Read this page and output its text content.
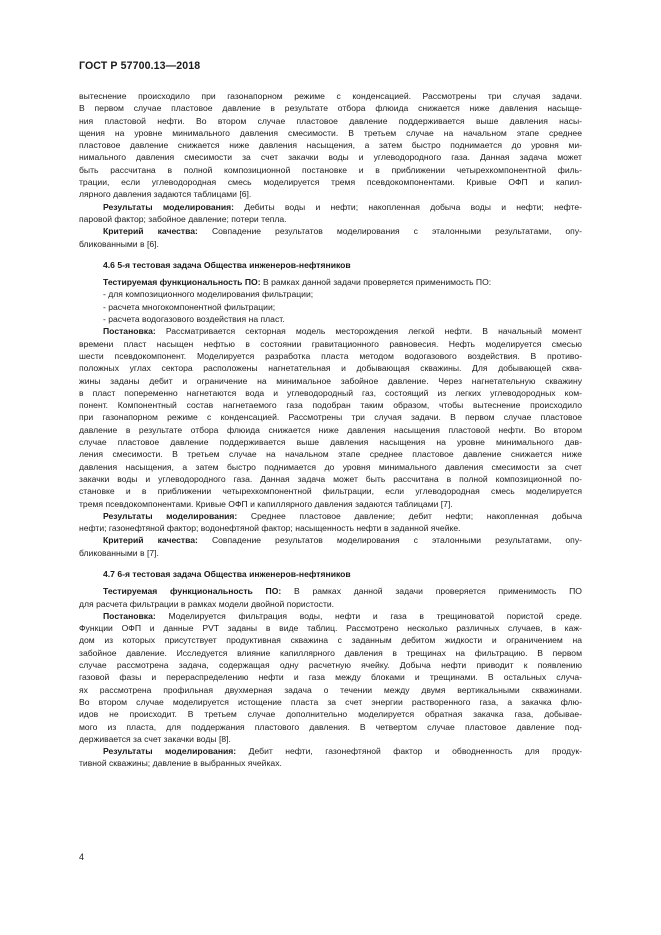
ГОСТ Р 57700.13—2018

вытеснение происходило при газонапорном режиме с конденсацией. Рассмотрены три случая задачи.

В первом случае пластовое давление в результате отбора флюида снижается ниже давления насыще-

ния пластовой нефти. Во втором случае пластовое давление поддерживается выше давления насы-

щения на уровне минимального давления смесимости. В третьем случае на начальном этапе среднее

пластовое давление снижается ниже давления насыщения, а затем быстро поднимается до уровня ми-

нимального давления смесимости за счет закачки воды и углеводородного газа. Данная задача может

быть рассчитана в полной композиционной постановке и в приближении четырехкомпонентной филь-

трации, если углеводородная смесь моделируется тремя псевдокомпонентами. Кривые ОФП и капил-

лярного давления задаются таблицами [6].

Результаты моделирования: Дебиты воды и нефти; накопленная добыча воды и нефти; нефте-

паровой фактор; забойное давление; потери тепла.

Критерий качества: Совпадение результатов моделирования с эталонными результатами, опу-

бликованными в [6].

4.6 5-я тестовая задача Общества инженеров-нефтяников

Тестируемая функциональность ПО: В рамках данной задачи проверяется применимость ПО:

- для композиционного моделирования фильтрации;

- расчета многокомпонентной фильтрации;

- расчета водогазового воздействия на пласт.

Постановка: Рассматривается секторная модель месторождения легкой нефти. В начальный момент

времени пласт насыщен нефтью в состоянии гравитационного равновесия. Нефть моделируется смесью

шести псевдокомпонент. Моделируется разработка пласта методом водогазового воздействия. В противо-

положных углах сектора расположены нагнетательная и добывающая скважины. Для добывающей сква-

жины заданы дебит и ограничение на минимальное забойное давление. Через нагнетательную скважину

в пласт попеременно нагнетаются вода и углеводородный газ, состоящий из легких углеводородных ком-

понент. Компонентный состав нагнетаемого газа подобран таким образом, чтобы вытеснение происходило

при газонапорном режиме с конденсацией. Рассмотрены три случая задачи. В первом случае пластовое

давление в результате отбора флюида снижается ниже давления насыщения пластовой нефти. Во втором

случае пластовое давление поддерживается выше давления насыщения на уровне минимального дав-

ления смесимости. В третьем случае на начальном этапе среднее пластовое давление снижается ниже

давления насыщения, а затем быстро поднимается до уровня минимального давления смесимости за счет

закачки воды и углеводородного газа. Данная задача может быть рассчитана в полной композиционной по-

становке и в приближении четырехкомпонентной фильтрации, если углеводородная смесь моделируется

тремя псевдокомпонентами. Кривые ОФП и капиллярного давления задаются таблицами [7].

Результаты моделирования: Среднее пластовое давление; дебит нефти; накопленная добыча

нефти; газонефтяной фактор; водонефтяной фактор; насыщенность нефти в заданной ячейке.

Критерий качества: Совпадение результатов моделирования с эталонными результатами, опу-

бликованными в [7].

4.7 6-я тестовая задача Общества инженеров-нефтяников

Тестируемая функциональность ПО: В рамках данной задачи проверяется применимость ПО

для расчета фильтрации в рамках модели двойной пористости.

Постановка: Моделируется фильтрация воды, нефти и газа в трещиноватой пористой среде.

Функции ОФП и данные PVT заданы в виде таблиц. Рассмотрено несколько различных случаев, в каж-

дом из которых присутствует продуктивная скважина с заданным дебитом жидкости и ограничением на

забойное давление. Исследуется влияние капиллярного давления в трещинах на фильтрацию. В первом

случае рассмотрена задача, содержащая одну расчетную ячейку. Добыча нефти приводит к появлению

газовой фазы и перераспределению нефти и газа между блоками и трещинами. В остальных случа-

ях рассмотрена профильная двухмерная задача о течении между двумя вертикальными скважинами.

Во втором случае моделируется истощение пласта за счет энергии растворенного газа, а закачка флю-

идов не происходит. В третьем случае дополнительно моделируется обратная закачка газа, добывае-

мого из пласта, для поддержания пластового давления. В четвертом случае пластовое давление под-

держивается за счет закачки воды [8].

Результаты моделирования: Дебит нефти, газонефтяной фактор и обводненность для продук-

тивной скважины; давление в выбранных ячейках.

4
